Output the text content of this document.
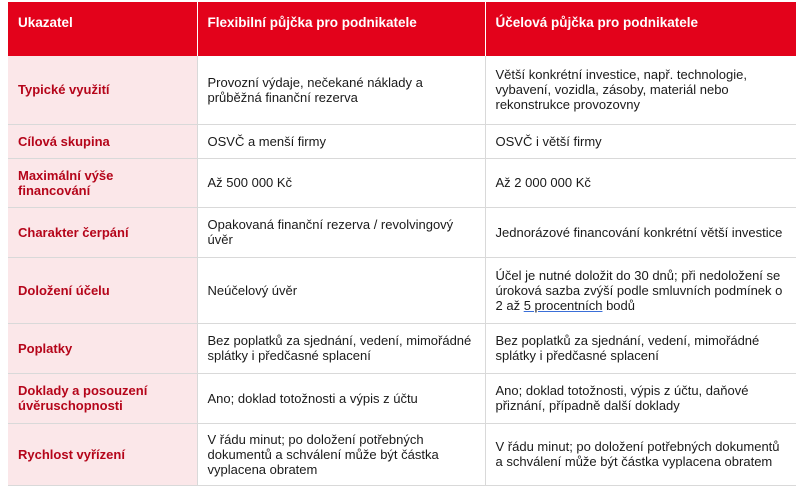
Ukazatel	Flexibilní půjčka pro podnikatele	Účelová půjčka pro podnikatele
Typické využití	Provozní výdaje, nečekané náklady a průběžná finanční rezerva	Větší konkrétní investice, např. technologie, vybavení, vozidla, zásoby, materiál nebo rekonstrukce provozovny
Cílová skupina	OSVČ a menší firmy	OSVČ i větší firmy
Maximální výše financování	Až 500 000 Kč	Až 2 000 000 Kč
Charakter čerpání	Opakovaná finanční rezerva / revolvingový úvěr	Jednorázové financování konkrétní větší investice
Doložení účelu	Neúčelový úvěr	Účel je nutné doložit do 30 dnů; při nedoložení se úroková sazba zvýší podle smluvních podmínek o 2 až 5 procentních bodů
Poplatky	Bez poplatků za sjednání, vedení, mimořádné splátky i předčasné splacení	Bez poplatků za sjednání, vedení, mimořádné splátky i předčasné splacení
Doklady a posouzení úvěruschopnosti	Ano; doklad totožnosti a výpis z účtu	Ano; doklad totožnosti, výpis z účtu, daňové přiznání, případně další doklady
Rychlost vyřízení	V řádu minut; po doložení potřebných dokumentů a schválení může být částka vyplacena obratem	V řádu minut; po doložení potřebných dokumentů a schválení může být částka vyplacena obratem
